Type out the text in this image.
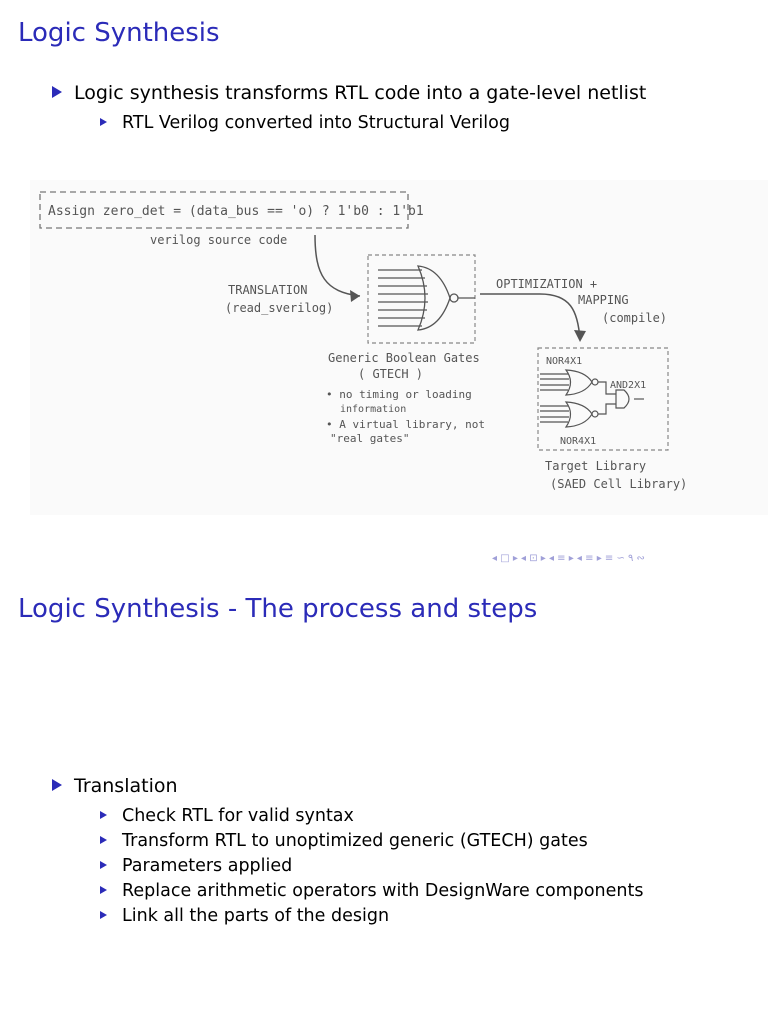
Logic Synthesis
Logic synthesis transforms RTL code into a gate-level netlist
RTL Verilog converted into Structural Verilog
Assign zero_det = (data_bus == 'o) ? 1'b0 : 1'b1
verilog source code
TRANSLATION
(read_sverilog)
Generic Boolean Gates
( GTECH )
• no timing or loading
information
• A virtual library, not
"real gates"
OPTIMIZATION +
MAPPING
(compile)
NOR4X1
AND2X1
NOR4X1
Target Library
(SAED Cell Library)
◂ □ ▸ ◂ ⊡ ▸ ◂ ≡ ▸ ◂ ≡ ▸ ≡ ∽ ۹ ∾
Logic Synthesis - The process and steps
Translation
Check RTL for valid syntax
Transform RTL to unoptimized generic (GTECH) gates
Parameters applied
Replace arithmetic operators with DesignWare components
Link all the parts of the design
